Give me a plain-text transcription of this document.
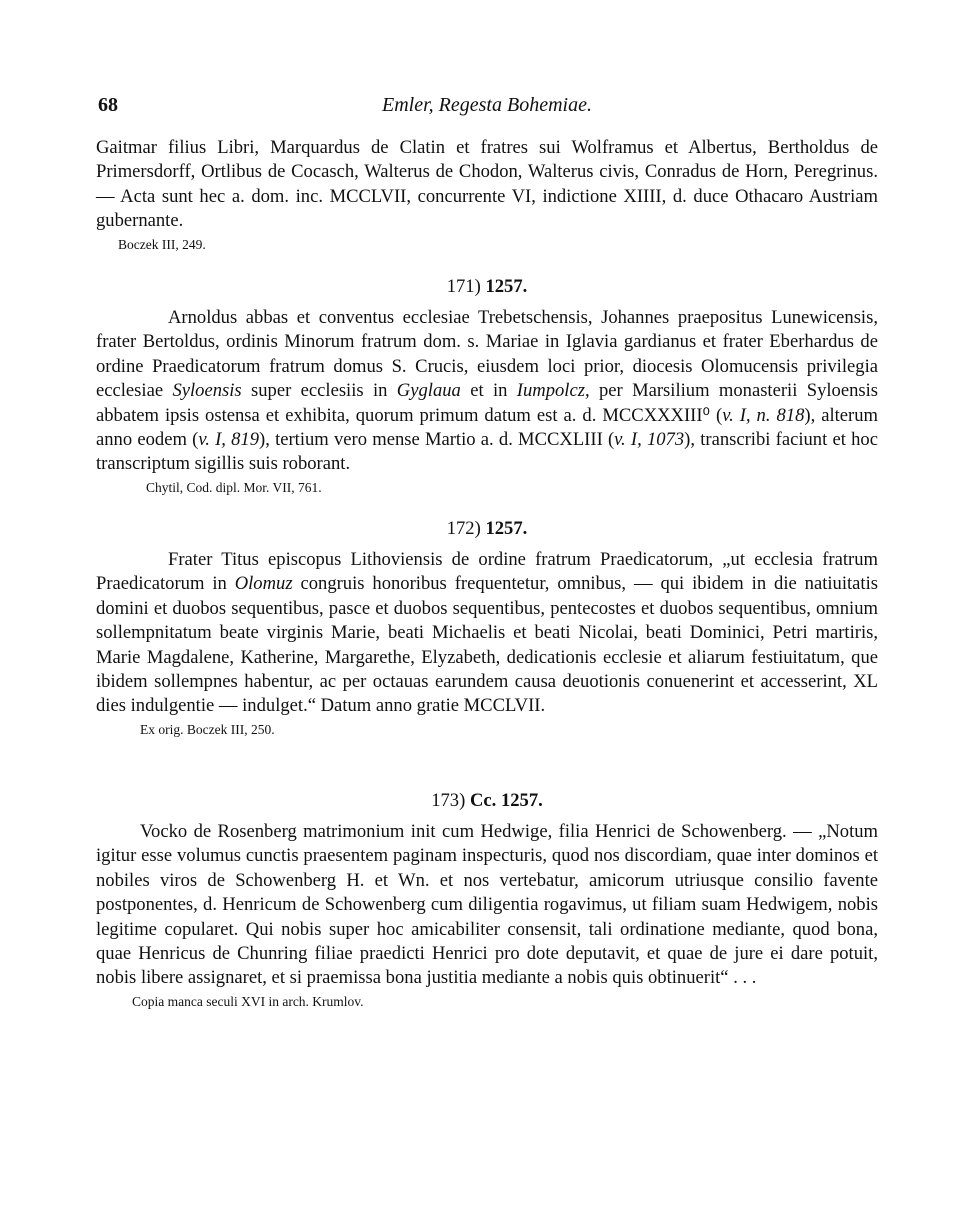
68	Emler, Regesta Bohemiae.

Gaitmar filius Libri, Marquardus de Clatin et fratres sui Wolframus et Albertus, Bertholdus de Primersdorff, Ortlibus de Cocasch, Walterus de Chodon, Walterus civis, Conradus de Horn, Peregrinus. — Acta sunt hec a. dom. inc. MCCLVII, concurrente VI, indictione XIIII, d. duce Othacaro Austriam gubernante.

Boczek III, 249.

171) 1257.

Arnoldus abbas et conventus ecclesiae Trebetschensis, Johannes praepositus Lunewicensis, frater Bertoldus, ordinis Minorum fratrum dom. s. Mariae in Iglavia gardianus et frater Eberhardus de ordine Praedicatorum fratrum domus S. Crucis, eiusdem loci prior, diocesis Olomucensis privilegia ecclesiae Syloensis super ecclesiis in Gyglaua et in Iumpolcz, per Marsilium monasterii Syloensis abbatem ipsis ostensa et exhibita, quorum primum datum est a. d. MCCXXXIII⁰ (v. I, n. 818), alterum anno eodem (v. I, 819), tertium vero mense Martio a. d. MCCXLIII (v. I, 1073), transcribi faciunt et hoc transcriptum sigillis suis roborant.

Chytil, Cod. dipl. Mor. VII, 761.

172) 1257.

Frater Titus episcopus Lithoviensis de ordine fratrum Praedicatorum, „ut ecclesia fratrum Praedicatorum in Olomuz congruis honoribus frequentetur, omnibus, — qui ibidem in die natiuitatis domini et duobos sequentibus, pasce et duobos sequentibus, pentecostes et duobos sequentibus, omnium sollempnitatum beate virginis Marie, beati Michaelis et beati Nicolai, beati Dominici, Petri martiris, Marie Magdalene, Katherine, Margarethe, Elyzabeth, dedicationis ecclesie et aliarum festiuitatum, que ibidem sollempnes habentur, ac per octauas earundem causa deuotionis conuenerint et accesserint, XL dies indulgentie — indulget.“ Datum anno gratie MCCLVII.

Ex orig. Boczek III, 250.

173) Cc. 1257.

Vocko de Rosenberg matrimonium init cum Hedwige, filia Henrici de Schowenberg. — „Notum igitur esse volumus cunctis praesentem paginam inspecturis, quod nos discordiam, quae inter dominos et nobiles viros de Schowenberg H. et Wn. et nos vertebatur, amicorum utriusque consilio favente postponentes, d. Henricum de Schowenberg cum diligentia rogavimus, ut filiam suam Hedwigem, nobis legitime copularet. Qui nobis super hoc amicabiliter consensit, tali ordinatione mediante, quod bona, quae Henricus de Chunring filiae praedicti Henrici pro dote deputavit, et quae de jure ei dare potuit, nobis libere assignaret, et si praemissa bona justitia mediante a nobis quis obtinuerit“ . . .

Copia manca seculi XVI in arch. Krumlov.
